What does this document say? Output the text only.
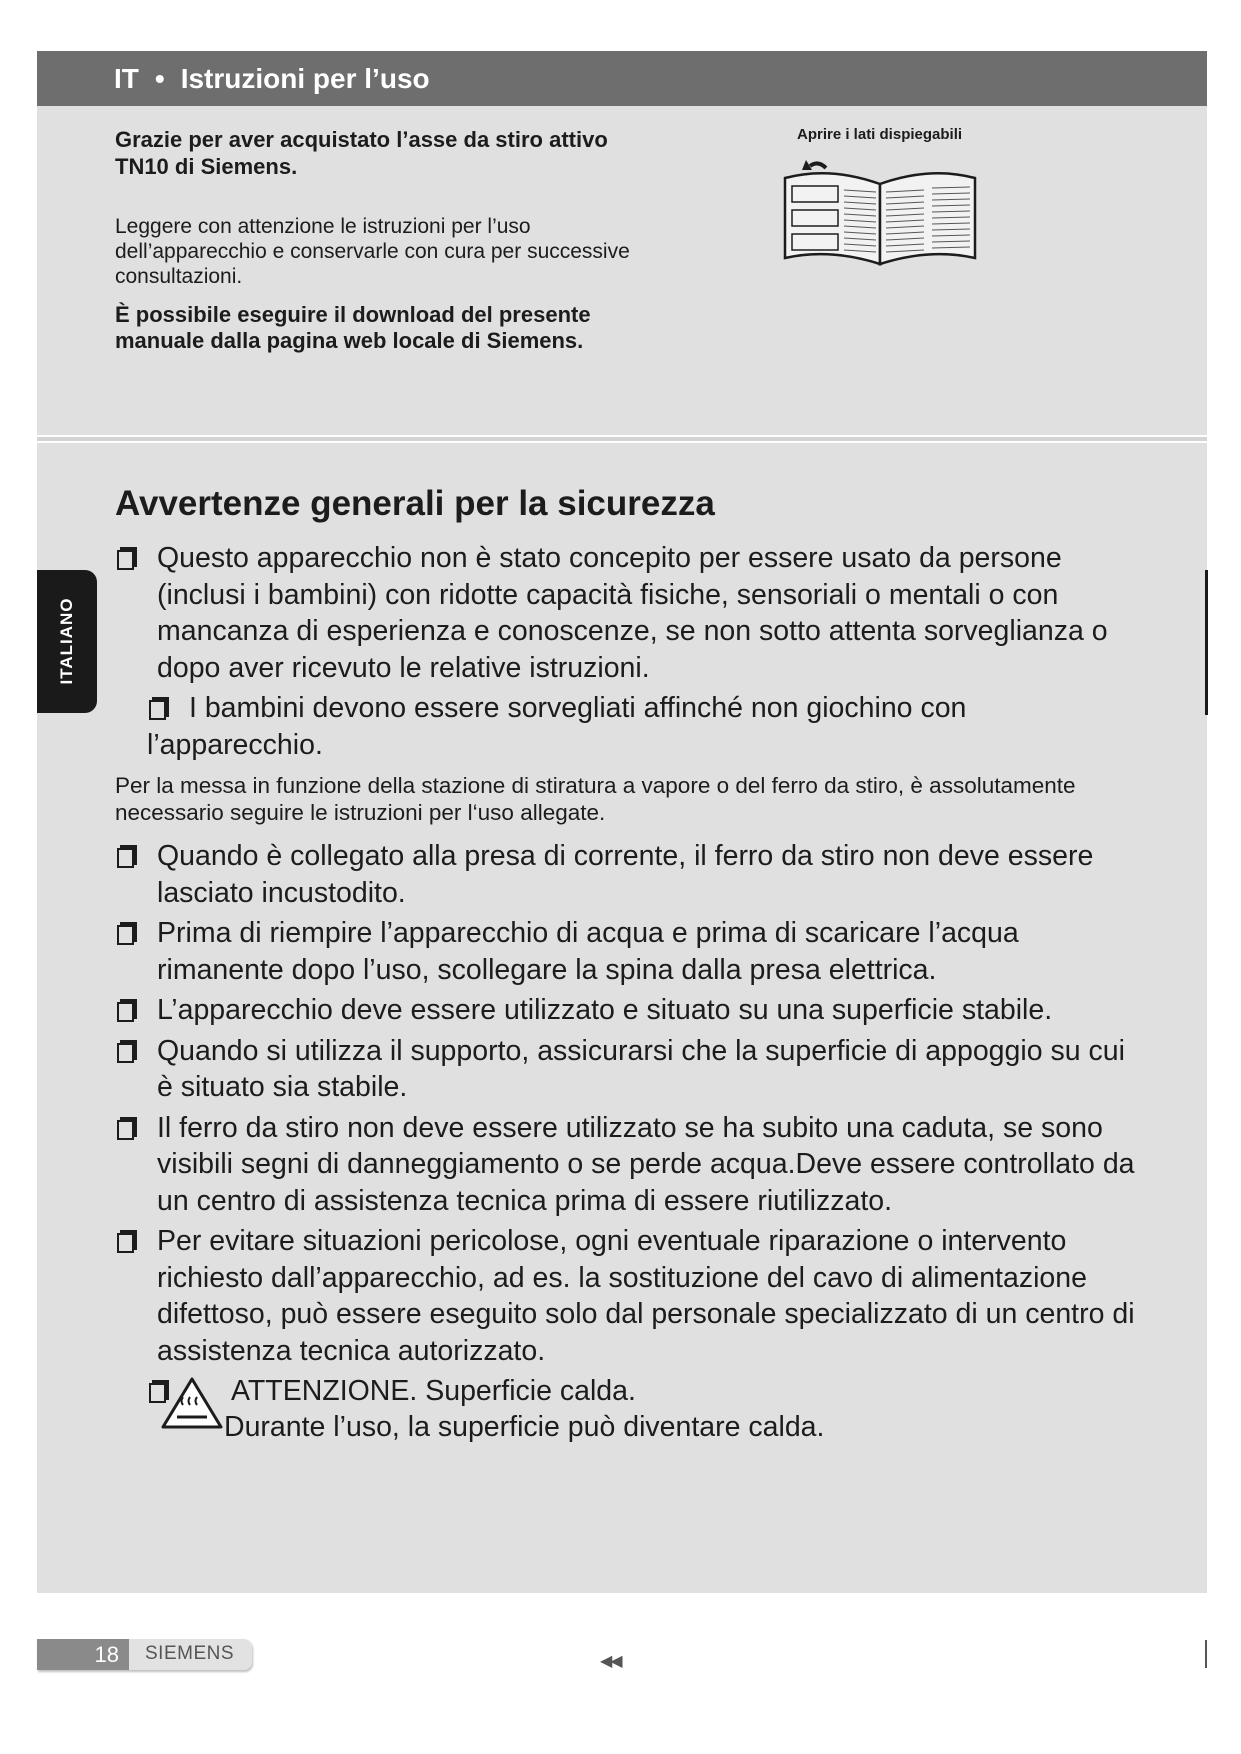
IT • Istruzioni per l’uso
Grazie per aver acquistato l’asse da stiro attivo TN10 di Siemens.
Leggere con attenzione le istruzioni per l’uso dell’apparecchio e conservarle con cura per successive consultazioni.
È possibile eseguire il download del presente manuale dalla pagina web locale di Siemens.
Aprire i lati dispiegabili
ITALIANO
Avvertenze generali per la sicurezza
Questo apparecchio non è stato concepito per essere usato da persone (inclusi i bambini) con ridotte capacità fisiche, sensoriali o mentali o con mancanza di esperienza e conoscenze, se non sotto attenta sorveglianza o dopo aver ricevuto le relative istruzioni.
I bambini devono essere sorvegliati affinché non giochino con l’apparecchio.
Per la messa in funzione della stazione di stiratura a vapore o del ferro da stiro, è assolutamente necessario seguire le istruzioni per l‘uso allegate.
Quando è collegato alla presa di corrente, il ferro da stiro non deve essere lasciato incustodito.
Prima di riempire l’apparecchio di acqua e prima di scaricare l’acqua rimanente dopo l’uso, scollegare la spina dalla presa elettrica.
L’apparecchio deve essere utilizzato e situato su una superficie stabile.
Quando si utilizza il supporto, assicurarsi che la superficie di appoggio su cui è situato sia stabile.
Il ferro da stiro non deve essere utilizzato se ha subito una caduta, se sono visibili segni di danneggiamento o se perde acqua.Deve essere controllato da un centro di assistenza tecnica prima di essere riutilizzato.
Per evitare situazioni pericolose, ogni eventuale riparazione o intervento richiesto dall’apparecchio, ad es. la sostituzione del cavo di alimentazione difettoso, può essere eseguito solo dal personale specializzato di un centro di assistenza tecnica autorizzato.
ATTENZIONE. Superficie calda.
Durante l’uso, la superficie può diventare calda.
18	SIEMENS	◀◀
